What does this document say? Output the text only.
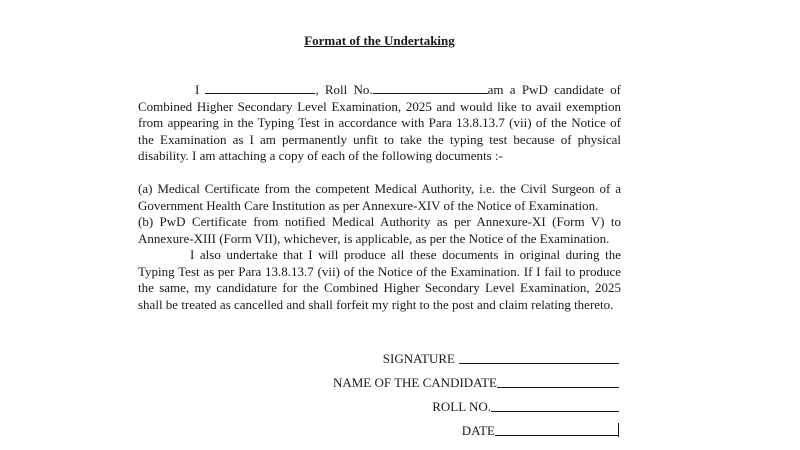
Format of the Undertaking

I	, Roll No.	am a PwD candidate of Combined Higher Secondary Level Examination, 2025 and would like to avail exemption from appearing in the Typing Test in accordance with Para 13.8.13.7 (vii) of the Notice of the Examination as I am permanently unfit to take the typing test because of physical disability. I am attaching a copy of each of the following documents :-

(a) Medical Certificate from the competent Medical Authority, i.e. the Civil Surgeon of a Government Health Care Institution as per Annexure-XIV of the Notice of Examination.

(b) PwD Certificate from notified Medical Authority as per Annexure-XI (Form V) to Annexure-XIII (Form VII), whichever, is applicable, as per the Notice of the Examination.

I also undertake that I will produce all these documents in original during the Typing Test as per Para 13.8.13.7 (vii) of the Notice of the Examination. If I fail to produce the same, my candidature for the Combined Higher Secondary Level Examination, 2025 shall be treated as cancelled and shall forfeit my right to the post and claim relating thereto.

SIGNATURE
NAME OF THE CANDIDATE
ROLL NO.
DATE
